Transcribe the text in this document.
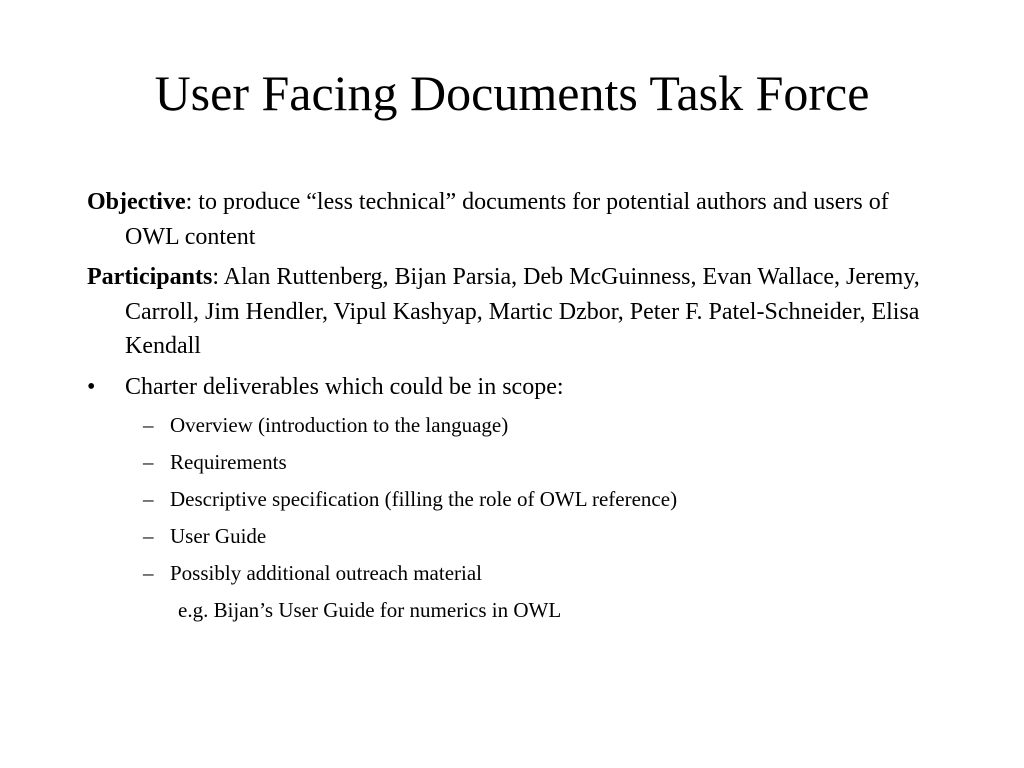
User Facing Documents Task Force
Objective: to produce “less technical” documents for potential authors and users of OWL content
Participants: Alan Ruttenberg, Bijan Parsia, Deb McGuinness, Evan Wallace, Jeremy, Carroll, Jim Hendler, Vipul Kashyap, Martic Dzbor, Peter F. Patel-Schneider, Elisa Kendall
• Charter deliverables which could be in scope:
– Overview (introduction to the language)
– Requirements
– Descriptive specification (filling the role of OWL reference)
– User Guide
– Possibly additional outreach material
e.g. Bijan’s User Guide for numerics in OWL
